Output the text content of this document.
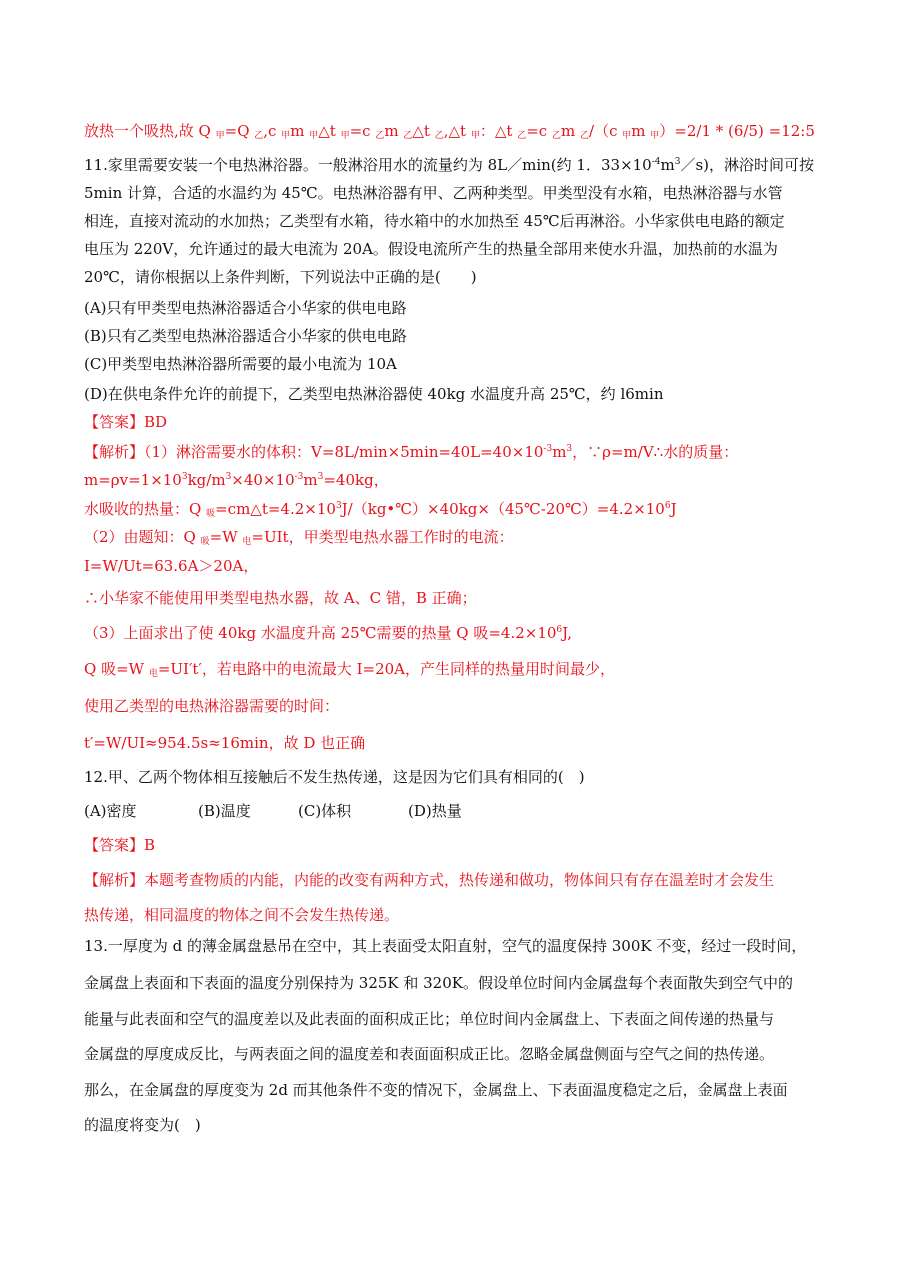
放热一个吸热,故 Q $_甲$=Q $_乙$,c $_甲$m $_甲$△t $_甲$=c $_乙$m $_乙$△t $_乙$,△t $_甲$：△t $_乙$=c $_乙$m $_乙$/（c $_甲$m $_甲$）=2/1 * (6/5) =12:5
11.家里需要安装一个电热淋浴器。一般淋浴用水的流量约为 8L／min(约 1．$33\times 10^{-4}m^3/s$)，淋浴时间可按
5min 计算，合适的水温约为 45℃。电热淋浴器有甲、乙两种类型。甲类型没有水箱，电热淋浴器与水管
相连，直接对流动的水加热；乙类型有水箱，待水箱中的水加热至 45℃后再淋浴。小华家供电电路的额定
电压为 220V，允许通过的最大电流为 20A。假设电流所产生的热量全部用来使水升温，加热前的水温为
20℃，请你根据以上条件判断，下列说法中正确的是(　　)
(A)只有甲类型电热淋浴器适合小华家的供电电路
(B)只有乙类型电热淋浴器适合小华家的供电电路
(C)甲类型电热淋浴器所需要的最小电流为 10A
(D)在供电条件允许的前提下，乙类型电热淋浴器使 40kg 水温度升高 25℃，约 l6min
【答案】BD
【解析】（1）淋浴需要水的体积：$V=8L/\min\times 5\min=40L=40\times 10^{-3}m^3$，∵ρ=m/V∴水的质量：
$m=\rho v=1\times 10^3kg/m^3\times 40\times 10^{-3}m^3=40kg$，
水吸收的热量：Q $_吸=cm\triangle t=4.2\times 10^3J/(kg•℃)\times 40kg\times(45℃-20℃)=4.2\times 10^6J$
（2）由题知：Q $_吸$=W $_电$=UIt，甲类型电热水器工作时的电流：
I=W/Ut=63.6A＞20A，
∴小华家不能使用甲类型电热水器，故 A、C 错，B 正确；
（3）上面求出了使 40kg 水温度升高 25℃需要的热量 Q 吸$=4.2\times 10^6J$,
Q 吸=W $_电$=UI′t′，若电路中的电流最大 I=20A，产生同样的热量用时间最少，
使用乙类型的电热淋浴器需要的时间：
t′=W/UI≈954.5s≈16min，故 D 也正确
12.甲、乙两个物体相互接触后不发生热传递，这是因为它们具有相同的(　)
(A)密度	(B)温度	(C)体积	(D)热量
【答案】B
【解析】本题考查物质的内能，内能的改变有两种方式，热传递和做功，物体间只有存在温差时才会发生
热传递，相同温度的物体之间不会发生热传递。
13.一厚度为 d 的薄金属盘悬吊在空中，其上表面受太阳直射，空气的温度保持 300K 不变，经过一段时间，
金属盘上表面和下表面的温度分别保持为 325K 和 320K。假设单位时间内金属盘每个表面散失到空气中的
能量与此表面和空气的温度差以及此表面的面积成正比；单位时间内金属盘上、下表面之间传递的热量与
金属盘的厚度成反比，与两表面之间的温度差和表面面积成正比。忽略金属盘侧面与空气之间的热传递。
那么，在金属盘的厚度变为 2d 而其他条件不变的情况下，金属盘上、下表面温度稳定之后，金属盘上表面
的温度将变为(　)
